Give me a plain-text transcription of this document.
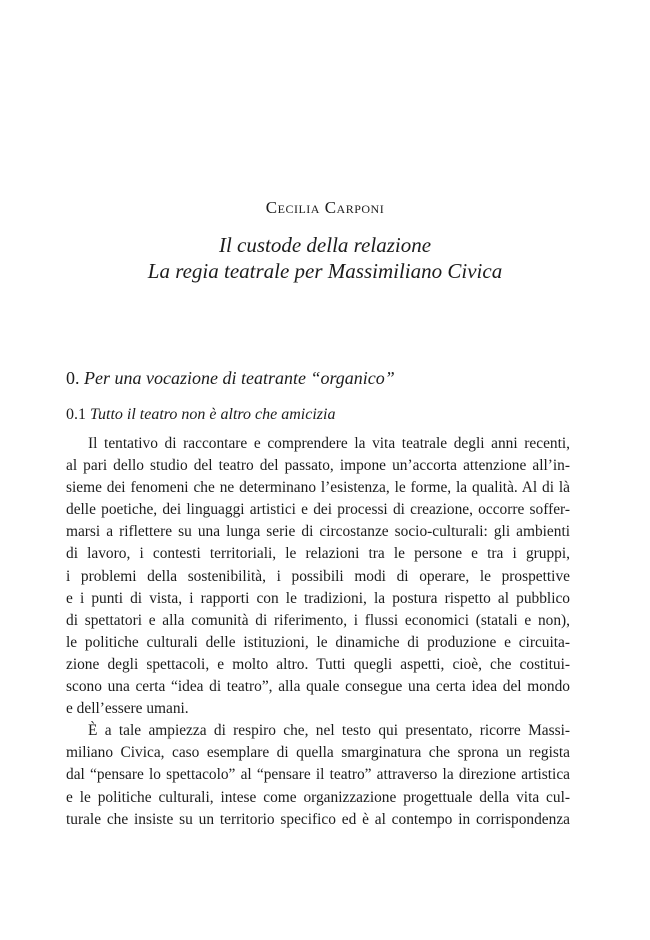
Cecilia Carponi
Il custode della relazione
La regia teatrale per Massimiliano Civica
0. Per una vocazione di teatrante “organico”
0.1 Tutto il teatro non è altro che amicizia
Il tentativo di raccontare e comprendere la vita teatrale degli anni recenti,
al pari dello studio del teatro del passato, impone un’accorta attenzione all’in-
sieme dei fenomeni che ne determinano l’esistenza, le forme, la qualità. Al di là
delle poetiche, dei linguaggi artistici e dei processi di creazione, occorre soffer-
marsi a riflettere su una lunga serie di circostanze socio-culturali: gli ambienti
di lavoro, i contesti territoriali, le relazioni tra le persone e tra i gruppi,
i problemi della sostenibilità, i possibili modi di operare, le prospettive
e i punti di vista, i rapporti con le tradizioni, la postura rispetto al pubblico
di spettatori e alla comunità di riferimento, i flussi economici (statali e non),
le politiche culturali delle istituzioni, le dinamiche di produzione e circuita-
zione degli spettacoli, e molto altro. Tutti quegli aspetti, cioè, che costitui-
scono una certa “idea di teatro”, alla quale consegue una certa idea del mondo
e dell’essere umani.
È a tale ampiezza di respiro che, nel testo qui presentato, ricorre Massi-
miliano Civica, caso esemplare di quella smarginatura che sprona un regista
dal “pensare lo spettacolo” al “pensare il teatro” attraverso la direzione artistica
e le politiche culturali, intese come organizzazione progettuale della vita cul-
turale che insiste su un territorio specifico ed è al contempo in corrispondenza
